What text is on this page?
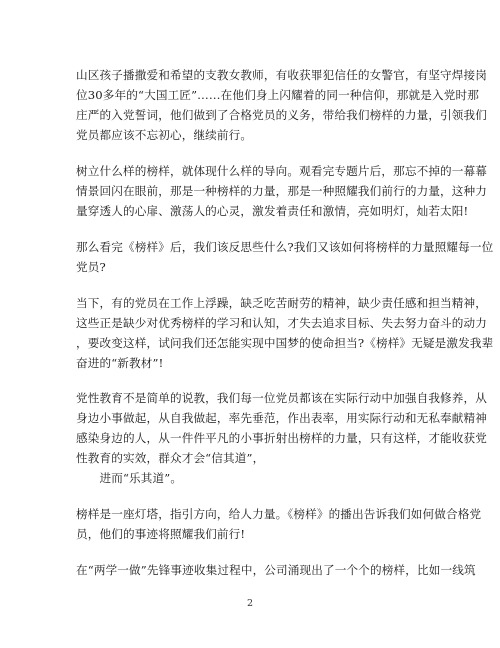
山区孩子播撒爱和希望的支教女教师，有收获罪犯信任的女警官，有坚守焊接岗
位30多年的“大国工匠”……在他们身上闪耀着的同一种信仰，那就是入党时那
庄严的入党誓词，他们做到了合格党员的义务，带给我们榜样的力量，引领我们
党员都应该不忘初心，继续前行。
树立什么样的榜样，就体现什么样的导向。观看完专题片后，那忘不掉的一幕幕
情景回闪在眼前，那是一种榜样的力量，那是一种照耀我们前行的力量，这种力
量穿透人的心扉、激荡人的心灵，激发着责任和激情，亮如明灯，灿若太阳!
那么看完《榜样》后，我们该反思些什么?我们又该如何将榜样的力量照耀每一位
党员?
当下，有的党员在工作上浮躁，缺乏吃苦耐劳的精神，缺少责任感和担当精神，
这些正是缺少对优秀榜样的学习和认知，才失去追求目标、失去努力奋斗的动力
，要改变这样，试问我们还怎能实现中国梦的使命担当?《榜样》无疑是激发我辈
奋进的“新教材”!
党性教育不是简单的说教，我们每一位党员都该在实际行动中加强自我修养，从
身边小事做起，从自我做起，率先垂范，作出表率，用实际行动和无私奉献精神
感染身边的人，从一件件平凡的小事折射出榜样的力量，只有这样，才能收获党
性教育的实效，群众才会“信其道”，
　　进而“乐其道”。
榜样是一座灯塔，指引方向，给人力量。《榜样》的播出告诉我们如何做合格党
员，他们的事迹将照耀我们前行!
在“两学一做”先锋事迹收集过程中，公司涌现出了一个个的榜样，比如一线筑
2
